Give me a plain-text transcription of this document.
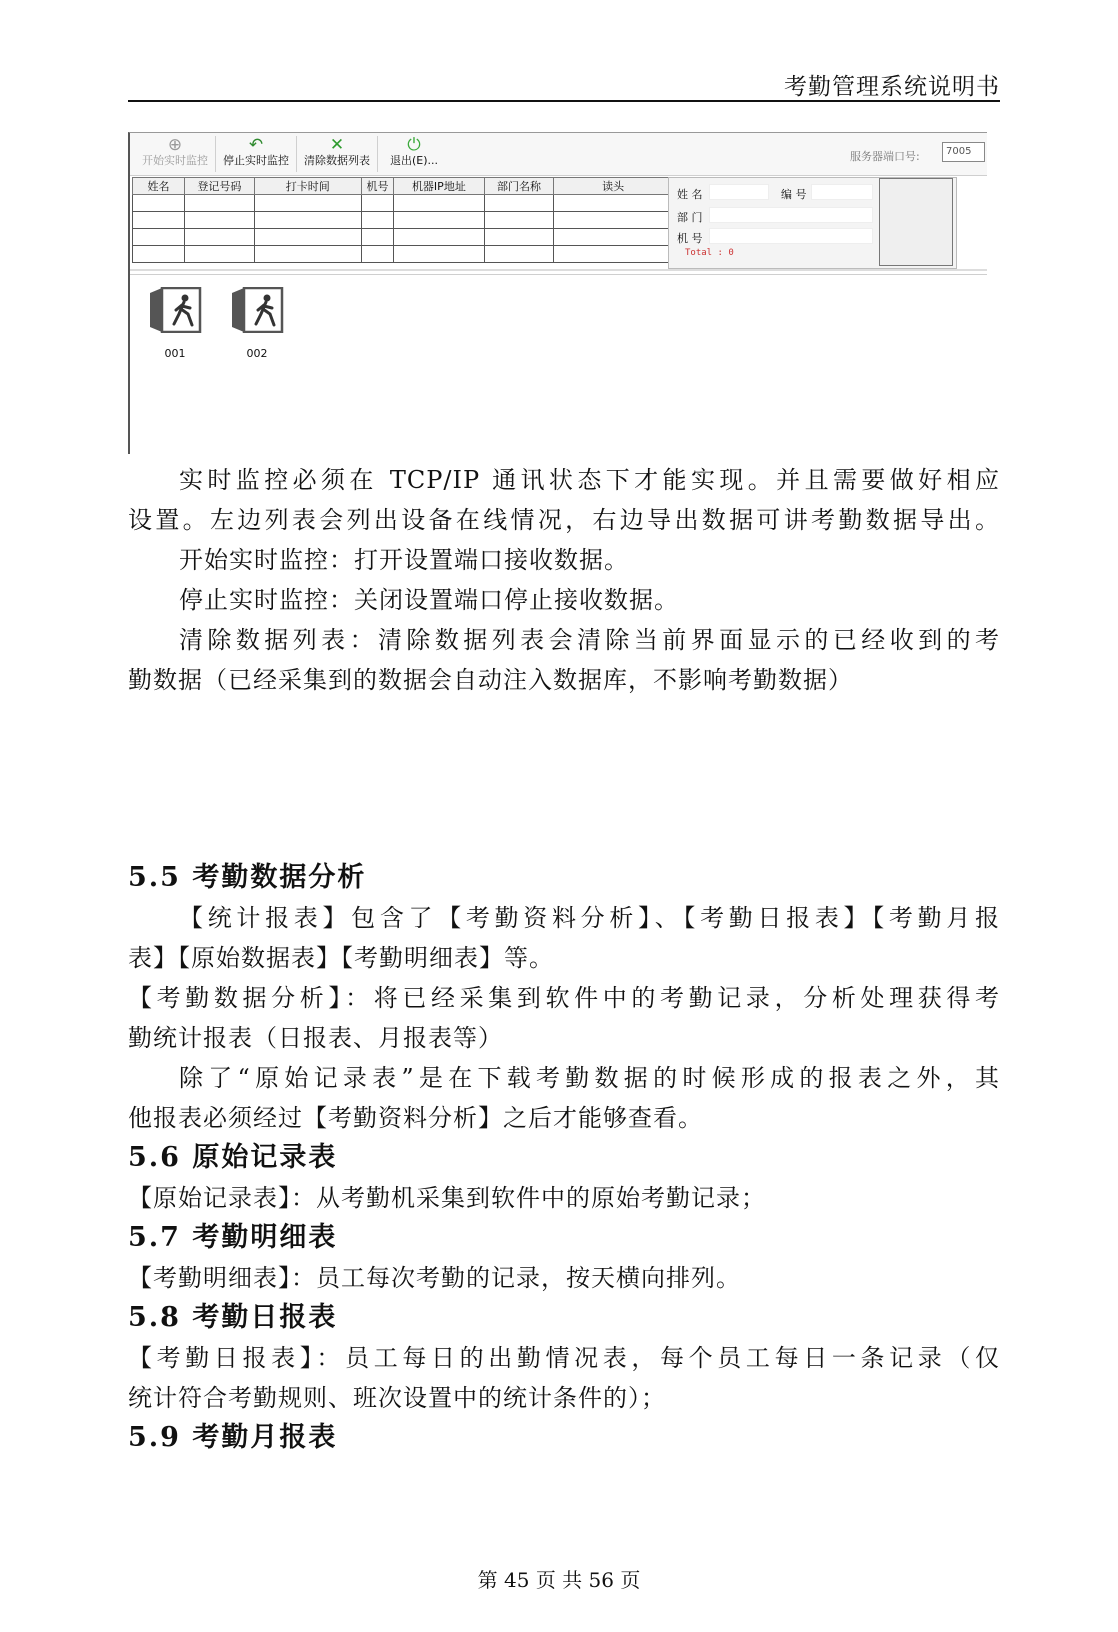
考勤管理系统说明书
⊕
开始实时监控
↶
停止实时监控
✕
清除数据列表
⏻
退出(E)...	服务器端口号:	7005
姓名	登记号码	打卡时间	机号	机器IP地址	部门名称	读头

姓 名	编 号
部 门
机 号
Total : 0
001	002
实时监控必须在 TCP/IP 通讯状态下才能实现。并且需要做好相应
设置。左边列表会列出设备在线情况，右边导出数据可讲考勤数据导出。
开始实时监控：打开设置端口接收数据。
停止实时监控：关闭设置端口停止接收数据。
清除数据列表：清除数据列表会清除当前界面显示的已经收到的考
勤数据（已经采集到的数据会自动注入数据库，不影响考勤数据）
5.5 考勤数据分析
【统计报表】包含了【考勤资料分析】、【考勤日报表】【考勤月报
表】【原始数据表】【考勤明细表】等。
【考勤数据分析】：将已经采集到软件中的考勤记录，分析处理获得考
勤统计报表（日报表、月报表等）
除了“原始记录表”是在下载考勤数据的时候形成的报表之外，其
他报表必须经过【考勤资料分析】之后才能够查看。
5.6 原始记录表
【原始记录表】：从考勤机采集到软件中的原始考勤记录；
5.7 考勤明细表
【考勤明细表】：员工每次考勤的记录，按天横向排列。
5.8 考勤日报表
【考勤日报表】：员工每日的出勤情况表，每个员工每日一条记录（仅
统计符合考勤规则、班次设置中的统计条件的）；
5.9 考勤月报表
第 45 页 共 56 页
